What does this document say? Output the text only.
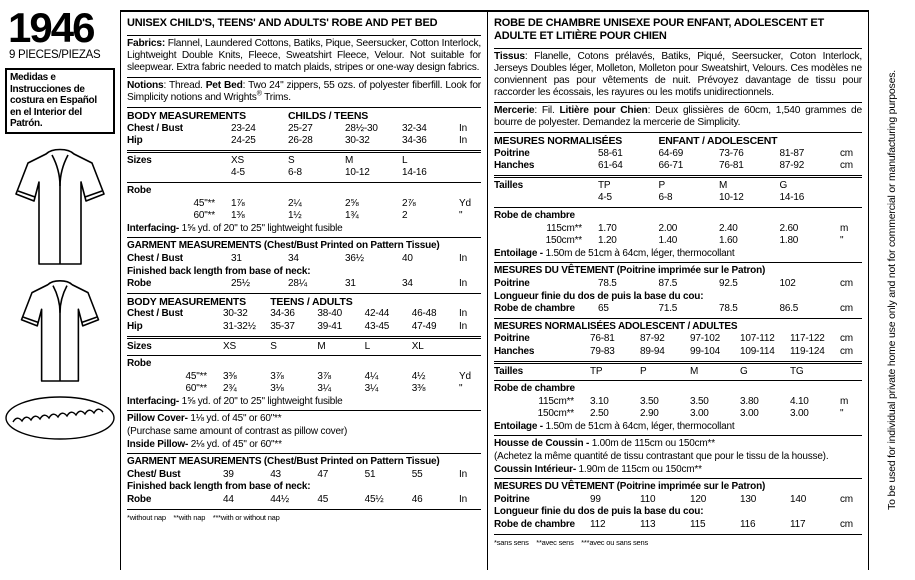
1946
9 PIECES/PIEZAS
Medidas e Instrucciones de costura en Español en el Interior del Patrón.
UNISEX CHILD'S, TEENS' AND ADULTS' ROBE AND PET BED
Fabrics: Flannel, Laundered Cottons, Batiks, Pique, Seersucker, Cotton Interlock, Lightweight Double Knits, Fleece, Sweatshirt Fleece, Velour. Not suitable for sleepwear. Extra fabric needed to match plaids, stripes or one-way design fabrics.
Notions: Thread. Pet Bed: Two 24" zippers, 55 ozs. of polyester fiberfill. Look for Simplicity notions and Wrights® Trims.
BODY MEASUREMENTS	CHILDS / TEENS
Chest / Bust	23-24	25-27	28½-30	32-34	In
Hip	24-25	26-28	30-32	34-36	In
Sizes	XS	S	M	L
4-5	6-8	10-12	14-16
Robe
45"**	1⅞	2¼	2⅝	2⅞	Yd
60"**	1⅜	1½	1¾	2	"
Interfacing- 1⅝ yd. of 20" to 25" lightweight fusible
GARMENT MEASUREMENTS (Chest/Bust Printed on Pattern Tissue)
Chest / Bust	31	34	36½	40	In
Finished back length from base of neck:
Robe	25½	28¼	31	34	In
BODY MEASUREMENTS	TEENS / ADULTS
Chest / Bust	30-32	34-36	38-40	42-44	46-48	In
Hip	31-32½	35-37	39-41	43-45	47-49	In
Sizes	XS	S	M	L	XL
Robe
45"**	3⅜	3⅞	3⅞	4¼	4½	Yd
60"**	2¾	3⅛	3¼	3¼	3⅜	"
Interfacing- 1⅝ yd. of 20" to 25" lightweight fusible
Pillow Cover- 1⅛ yd. of 45" or 60"**
(Purchase same amount of contrast as pillow cover)
Inside Pillow- 2⅛ yd. of 45" or 60"**
GARMENT MEASUREMENTS (Chest/Bust Printed on Pattern Tissue)
Chest/ Bust	39	43	47	51	55	In
Finished back length from base of neck:
Robe	44	44½	45	45½	46	In
*without nap    **with nap    ***with or without nap
ROBE DE CHAMBRE UNISEXE POUR ENFANT, ADOLESCENT ET ADULTE ET LITIÈRE POUR CHIEN
Tissus: Flanelle, Cotons prélavés, Batiks, Piqué, Seersucker, Coton Interlock, Jerseys Doubles léger, Molleton, Molleton pour Sweatshirt, Velours. Ces modèles ne conviennent pas pour vêtements de nuit. Prévoyez davantage de tissu pour raccorder les écossais, les rayures ou les motifs unidirectionnels.
Mercerie: Fil. Litière pour Chien: Deux glissières de 60cm, 1,540 grammes de bourre de polyester. Demandez la mercerie de Simplicity.
MESURES NORMALISÉES	ENFANT / ADOLESCENT
Poitrine	58-61	64-69	73-76	81-87	cm
Hanches	61-64	66-71	76-81	87-92	cm
Tailles	TP	P	M	G
4-5	6-8	10-12	14-16
Robe de chambre
115cm**	1.70	2.00	2.40	2.60	m
150cm**	1.20	1.40	1.60	1.80	"
Entoilage - 1.50m de 51cm à 64cm, léger, thermocollant
MESURES DU VÊTEMENT (Poitrine imprimée sur le Patron)
Poitrine	78.5	87.5	92.5	102	cm
Longueur finie du dos de puis la base du cou:
Robe de chambre	65	71.5	78.5	86.5	cm
MESURES NORMALISÉES ADOLESCENT / ADULTES
Poitrine	76-81	87-92	97-102	107-112	117-122	cm
Hanches	79-83	89-94	99-104	109-114	119-124	cm
Tailles	TP	P	M	G	TG
Robe de chambre
115cm**	3.10	3.50	3.50	3.80	4.10	m
150cm**	2.50	2.90	3.00	3.00	3.00	"
Entoilage - 1.50m de 51cm à 64cm, léger, thermocollant
Housse de Coussin - 1.00m de 115cm ou 150cm**
(Achetez la même quantité de tissu contrastant que pour le tissu de la housse).
Coussin Intérieur- 1.90m de 115cm ou 150cm**
MESURES DU VÊTEMENT (Poitrine imprimée sur le Patron)
Poitrine	99	110	120	130	140	cm
Longueur finie du dos de puis la base du cou:
Robe de chambre	112	113	115	116	117	cm
*sans sens    **avec sens    ***avec ou sans sens
To be used for individual private home use only and not for commercial or manufacturing purposes.
